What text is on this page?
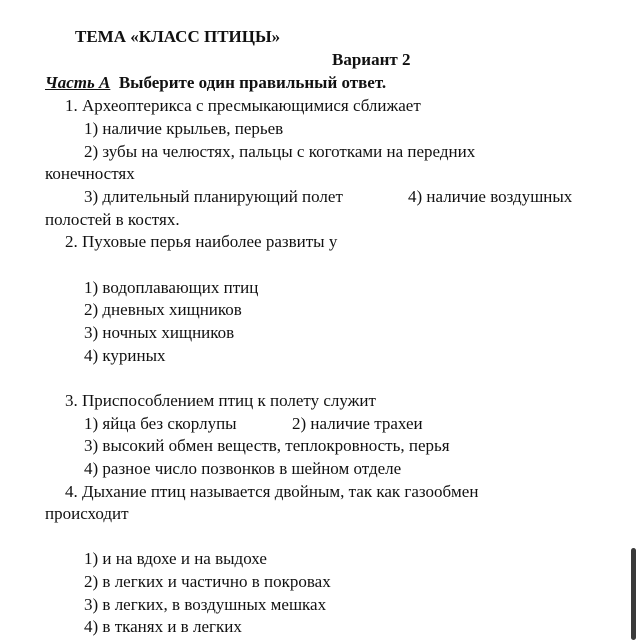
ТЕМА «КЛАСС ПТИЦЫ»
Вариант 2
Часть А Выберите один правильный ответ.
1. Археоптерикса с пресмыкающимися сближает
1) наличие крыльев, перьев
2) зубы на челюстях, пальцы с коготками на передних
конечностях
3) длительный планирующий полет	4) наличие воздушных
полостей в костях.
2. Пуховые перья наиболее развиты у
1) водоплавающих птиц
2) дневных хищников
3) ночных хищников
4) куриных
3. Приспособлением птиц к полету служит
1) яйца без скорлупы	2) наличие трахеи
3) высокий обмен веществ, теплокровность, перья
4) разное число позвонков в шейном отделе
4. Дыхание птиц называется двойным, так как газообмен
происходит
1) и на вдохе и на выдохе
2) в легких и частично в покровах
3) в легких, в воздушных мешках
4) в тканях и в легких
